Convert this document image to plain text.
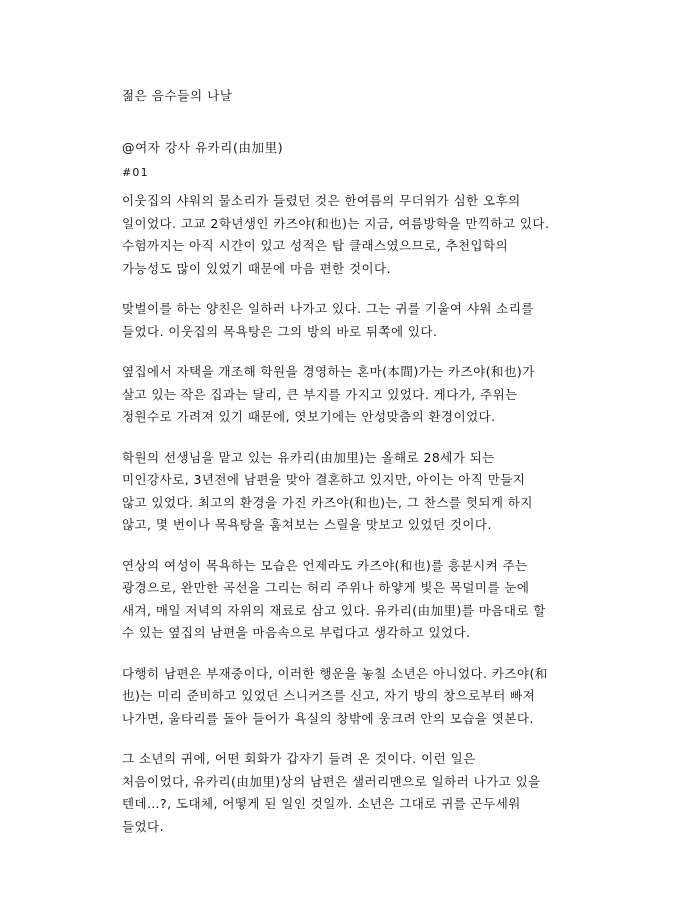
젊은 음수들의 나날

@여자 강사 유카리(由加里)

#01

이웃집의 샤워의 물소리가 들렸던 것은 한여름의 무더위가 심한 오후의
일이었다. 고교 2학년생인 카즈야(和也)는 지금, 여름방학을 만끽하고 있다.
수험까지는 아직 시간이 있고 성적은 탑 클래스였으므로, 추천입학의
가능성도 많이 있었기 때문에 마음 편한 것이다.

맞벌이를 하는 양친은 일하러 나가고 있다. 그는 귀를 기울여 샤워 소리를
들었다. 이웃집의 목욕탕은 그의 방의 바로 뒤쪽에 있다.

옆집에서 자택을 개조해 학원을 경영하는 혼마(本間)가는 카즈야(和也)가
살고 있는 작은 집과는 달리, 큰 부지를 가지고 있었다. 게다가, 주위는
정원수로 가려져 있기 때문에, 엿보기에는 안성맞춤의 환경이었다.

학원의 선생님을 맡고 있는 유카리(由加里)는 올해로 28세가 되는
미인강사로, 3년전에 남편을 맞아 결혼하고 있지만, 아이는 아직 만들지
않고 있었다. 최고의 환경을 가진 카즈야(和也)는, 그 찬스를 헛되게 하지
않고, 몇 번이나 목욕탕을 훔쳐보는 스릴을 맛보고 있었던 것이다.

연상의 여성이 목욕하는 모습은 언제라도 카즈야(和也)를 흥분시켜 주는
광경으로, 완만한 곡선을 그리는 허리 주위나 하얗게 빛은 목덜미를 눈에
새겨, 매일 저녁의 자위의 재료로 삼고 있다. 유카리(由加里)를 마음대로 할
수 있는 옆집의 남편을 마음속으로 부럽다고 생각하고 있었다.

다행히 남편은 부재중이다, 이러한 행운을 놓칠 소년은 아니었다. 카즈야(和
也)는 미리 준비하고 있었던 스니커즈를 신고, 자기 방의 창으로부터 빠져
나가면, 울타리를 돌아 들어가 욕실의 창밖에 웅크려 안의 모습을 엿본다.

그 소년의 귀에, 어떤 회화가 갑자기 들려 온 것이다. 이런 일은
처음이었다, 유카리(由加里)상의 남편은 샐러리맨으로 일하러 나가고 있을
텐데…?, 도대체, 어떻게 된 일인 것일까. 소년은 그대로 귀를 곤두세워
들었다.
